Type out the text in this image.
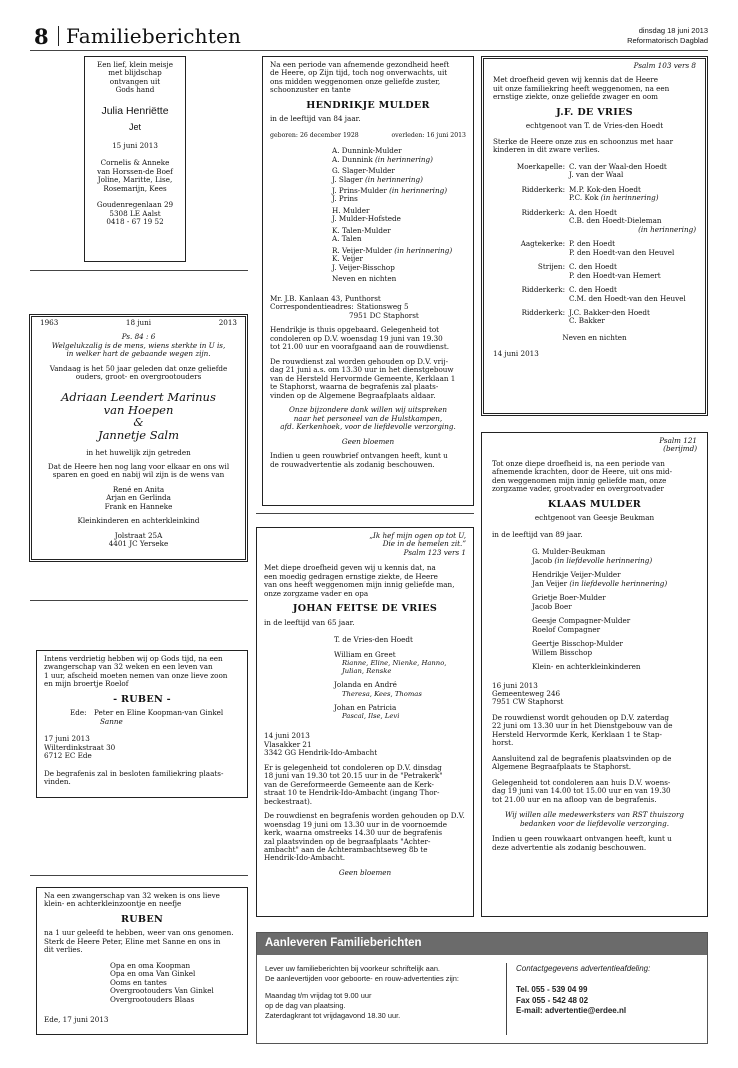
8 Familieberichten	dinsdag 18 juni 2013
Reformatorisch Dagblad

Een lief, klein meisje

met blijdschap

ontvangen uit

Gods hand

Julia Henriëtte

Jet

15 juni 2013

Cornelis & Anneke

van Horssen-de Boef

Joline, Maritte, Lise,

Rosemarijn, Kees

Goudenregenlaan 29

5308 LE Aalst

0418 - 67 19 52

1963	18 juni	2013

Ps. 84 : 6

Welgelukzalig is de mens, wiens sterkte in U is,

in welker hart de gebaande wegen zijn.

Vandaag is het 50 jaar geleden dat onze geliefde

ouders, groot- en overgrootouders

Adriaan Leendert Marinus

van Hoepen

&

Jannetje Salm

in het huwelijk zijn getreden

Dat de Heere hen nog lang voor elkaar en ons wil

sparen en goed en nabij wil zijn is de wens van

René en Anita

Arjan en Gerlinda

Frank en Hanneke

Kleinkinderen en achterkleinkind

Jolstraat 25A

4401 JC Yerseke

Intens verdrietig hebben wij op Gods tijd, na een

zwangerschap van 32 weken en een leven van

1 uur, afscheid moeten nemen van onze lieve zoon

en mijn broertje Roelof

- RUBEN -

Ede: Peter en Eline Koopman-van Ginkel

Sanne

17 juni 2013

Wilterdinkstraat 30

6712 EC Ede

De begrafenis zal in besloten familiekring plaats-

vinden.

Na een zwangerschap van 32 weken is ons lieve

klein- en achterkleinzoontje en neefje

RUBEN

na 1 uur geleefd te hebben, weer van ons genomen.

Sterk de Heere Peter, Eline met Sanne en ons in

dit verlies.

Opa en oma Koopman

Opa en oma Van Ginkel

Ooms en tantes

Overgrootouders Van Ginkel

Overgrootouders Blaas

Ede, 17 juni 2013

Na een periode van afnemende gezondheid heeft

de Heere, op Zijn tijd, toch nog onverwachts, uit

ons midden weggenomen onze geliefde zuster,

schoonzuster en tante

HENDRIKJE MULDER

in de leeftijd van 84 jaar.

geboren: 26 december 1928	overleden: 16 juni 2013

A. Dunnink-Mulder

A. Dunnink (in herinnering)

G. Slager-Mulder

J. Slager (in herinnering)

J. Prins-Mulder (in herinnering)

J. Prins

H. Mulder

J. Mulder-Hofstede

K. Talen-Mulder

A. Talen

R. Veijer-Mulder (in herinnering)

K. Veijer

J. Veijer-Bisschop

Neven en nichten

Mr. J.B. Kanlaan 43, Punthorst

Correspondentieadres: Stationsweg 5

7951 DC Staphorst

Hendrikje is thuis opgebaard. Gelegenheid tot

condoleren op D.V. woensdag 19 juni van 19.30

tot 21.00 uur en voorafgaand aan de rouwdienst.

De rouwdienst zal worden gehouden op D.V. vrij-

dag 21 juni a.s. om 13.30 uur in het dienstgebouw

van de Hersteld Hervormde Gemeente, Kerklaan 1

te Staphorst, waarna de begrafenis zal plaats-

vinden op de Algemene Begraafplaats aldaar.

Onze bijzondere dank willen wij uitspreken

naar het personeel van de Hulstkampen,

afd. Kerkenhoek, voor de liefdevolle verzorging.

Geen bloemen

Indien u geen rouwbrief ontvangen heeft, kunt u

de rouwadvertentie als zodanig beschouwen.

Psalm 103 vers 8

Met droefheid geven wij kennis dat de Heere

uit onze familiekring heeft weggenomen, na een

ernstige ziekte, onze geliefde zwager en oom

J.F. DE VRIES

echtgenoot van T. de Vries-den Hoedt

Sterke de Heere onze zus en schoonzus met haar

kinderen in dit zware verlies.

Moerkapelle: C. van der Waal-den Hoedt

J. van der Waal

Ridderkerk: M.P. Kok-den Hoedt

P.C. Kok (in herinnering)

Ridderkerk: A. den Hoedt

C.B. den Hoedt-Dieleman

(in herinnering)

Aagtekerke: P. den Hoedt

P. den Hoedt-van den Heuvel

Strijen: C. den Hoedt

P. den Hoedt-van Hemert

Ridderkerk: C. den Hoedt

C.M. den Hoedt-van den Heuvel

Ridderkerk: J.C. Bakker-den Hoedt

C. Bakker

Neven en nichten

14 juni 2013

„Ik hef mijn ogen op tot U,

Die in de hemelen zit.”

Psalm 123 vers 1

Met diepe droefheid geven wij u kennis dat, na

een moedig gedragen ernstige ziekte, de Heere

van ons heeft weggenomen mijn innig geliefde man,

onze zorgzame vader en opa

JOHAN FEITSE DE VRIES

in de leeftijd van 65 jaar.

T. de Vries-den Hoedt

William en Greet

Rianne, Eline, Nienke, Hanno,

Julian, Renske

Jolanda en André

Theresa, Kees, Thomas

Johan en Patricia

Pascal, Ilse, Levi

14 juni 2013

Vlasakker 21

3342 GG Hendrik-Ido-Ambacht

Er is gelegenheid tot condoleren op D.V. dinsdag

18 juni van 19.30 tot 20.15 uur in de "Petrakerk"

van de Gereformeerde Gemeente aan de Kerk-

straat 10 te Hendrik-Ido-Ambacht (ingang Thor-

beckestraat).

De rouwdienst en begrafenis worden gehouden op D.V.

woensdag 19 juni om 13.30 uur in de voornoemde

kerk, waarna omstreeks 14.30 uur de begrafenis

zal plaatsvinden op de begraafplaats "Achter-

ambacht" aan de Achterambachtseweg 8b te

Hendrik-Ido-Ambacht.

Geen bloemen

Psalm 121

(berijmd)

Tot onze diepe droefheid is, na een periode van

afnemende krachten, door de Heere, uit ons mid-

den weggenomen mijn innig geliefde man, onze

zorgzame vader, grootvader en overgrootvader

KLAAS MULDER

echtgenoot van Geesje Beukman

in de leeftijd van 89 jaar.

G. Mulder-Beukman

Jacob (in liefdevolle herinnering)

Hendrikje Veijer-Mulder

Jan Veijer (in liefdevolle herinnering)

Grietje Boer-Mulder

Jacob Boer

Geesje Compagner-Mulder

Roelof Compagner

Geertje Bisschop-Mulder

Willem Bisschop

Klein- en achterkleinkinderen

16 juni 2013

Gemeenteweg 246

7951 CW Staphorst

De rouwdienst wordt gehouden op D.V. zaterdag

22 juni om 13.30 uur in het Dienstgebouw van de

Hersteld Hervormde Kerk, Kerklaan 1 te Stap-

horst.

Aansluitend zal de begrafenis plaatsvinden op de

Algemene Begraafplaats te Staphorst.

Gelegenheid tot condoleren aan huis D.V. woens-

dag 19 juni van 14.00 tot 15.00 uur en van 19.30

tot 21.00 uur en na afloop van de begrafenis.

Wij willen alle medewerksters van RST thuiszorg

bedanken voor de liefdevolle verzorging.

Indien u geen rouwkaart ontvangen heeft, kunt u

deze advertentie als zodanig beschouwen.

Aanleveren Familieberichten

Lever uw familieberichten bij voorkeur schriftelijk aan.

De aanlevertijden voor geboorte- en rouw-advertenties zijn:

Maandag t/m vrijdag tot 9.00 uur

op de dag van plaatsing.

Zaterdagkrant tot vrijdagavond 18.30 uur.

Contactgegevens advertentieafdeling:

Tel. 055 - 539 04 99

Fax 055 - 542 48 02

E-mail: advertentie@erdee.nl
